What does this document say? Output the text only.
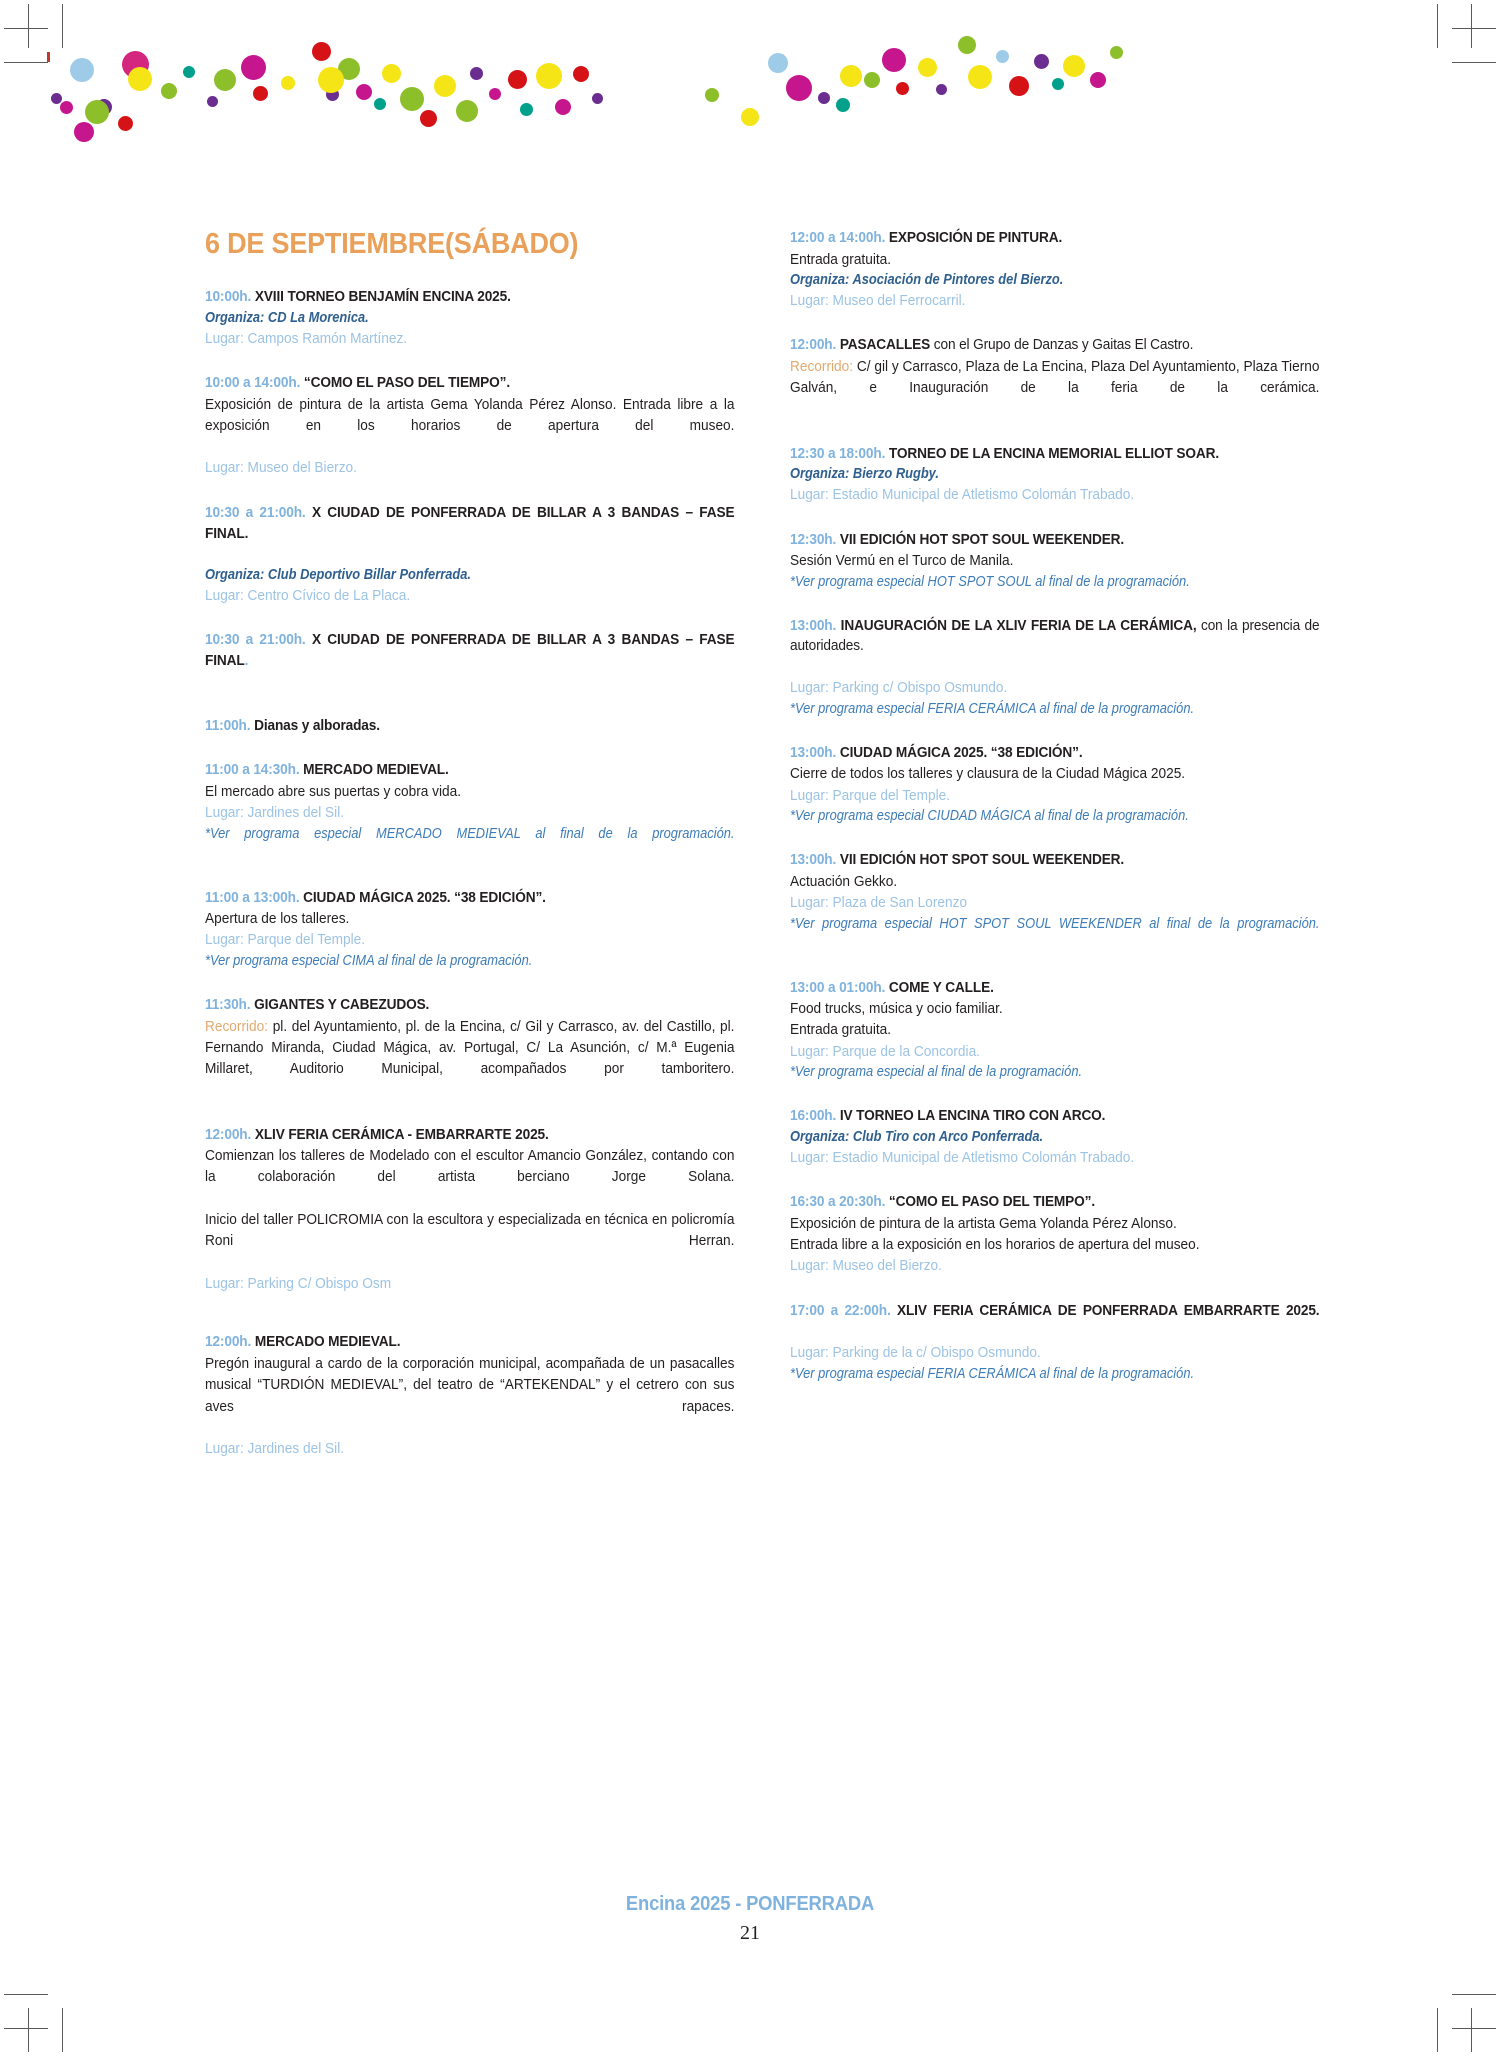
6 DE SEPTIEMBRE(SÁBADO)
10:00h. XVIII TORNEO BENJAMÍN ENCINA 2025.
Organiza: CD La Morenica.
Lugar: Campos Ramón Martínez.
10:00 a 14:00h. “COMO EL PASO DEL TIEMPO”.
Exposición de pintura de la artista Gema Yolanda Pérez Alonso. Entrada libre a la exposición en los horarios de apertura del museo.
Lugar: Museo del Bierzo.
10:30 a 21:00h. X CIUDAD DE PONFERRADA DE BILLAR A 3 BANDAS – FASE FINAL.
Organiza: Club Deportivo Billar Ponferrada.
Lugar: Centro Cívico de La Placa.
10:30 a 21:00h. X CIUDAD DE PONFERRADA DE BILLAR A 3 BANDAS – FASE FINAL.
11:00h. Dianas y alboradas.
11:00 a 14:30h. MERCADO MEDIEVAL.
El mercado abre sus puertas y cobra vida.
Lugar: Jardines del Sil.
*Ver programa especial MERCADO MEDIEVAL al final de la programación.
11:00 a 13:00h. CIUDAD MÁGICA 2025. “38 EDICIÓN”.
Apertura de los talleres.
Lugar: Parque del Temple.
*Ver programa especial CIMA al final de la programación.
11:30h. GIGANTES Y CABEZUDOS.
Recorrido: pl. del Ayuntamiento, pl. de la Encina, c/ Gil y Carrasco, av. del Castillo, pl. Fernando Miranda, Ciudad Mágica, av. Portugal, C/ La Asunción, c/ M.ª Eugenia Millaret, Auditorio Municipal, acompañados por tamboritero.
12:00h. XLIV FERIA CERÁMICA - EMBARRARTE 2025.
Comienzan los talleres de Modelado con el escultor Amancio González, contando con la colaboración del artista berciano Jorge Solana.
Inicio del taller POLICROMIA con la escultora y especializada en técnica en policromía Roni Herran.
Lugar: Parking C/ Obispo Osm
12:00h. MERCADO MEDIEVAL.
Pregón inaugural a cardo de la corporación municipal, acompañada de un pasacalles musical “TURDIÓN MEDIEVAL”, del teatro de “ARTEKENDAL” y el cetrero con sus aves rapaces.
Lugar: Jardines del Sil.
12:00 a 14:00h. EXPOSICIÓN DE PINTURA.
Entrada gratuita.
Organiza: Asociación de Pintores del Bierzo.
Lugar: Museo del Ferrocarril.
12:00h. PASACALLES con el Grupo de Danzas y Gaitas El Castro.
Recorrido: C/ gil y Carrasco, Plaza de La Encina, Plaza Del Ayuntamiento, Plaza Tierno Galván, e Inauguración de la feria de la cerámica.
12:30 a 18:00h. TORNEO DE LA ENCINA MEMORIAL ELLIOT SOAR.
Organiza: Bierzo Rugby.
Lugar: Estadio Municipal de Atletismo Colomán Trabado.
12:30h. VII EDICIÓN HOT SPOT SOUL WEEKENDER.
Sesión Vermú en el Turco de Manila.
*Ver programa especial HOT SPOT SOUL al final de la programación.
13:00h. INAUGURACIÓN DE LA XLIV FERIA DE LA CERÁMICA, con la presencia de autoridades.
Lugar: Parking c/ Obispo Osmundo.
*Ver programa especial FERIA CERÁMICA al final de la programación.
13:00h. CIUDAD MÁGICA 2025. “38 EDICIÓN”.
Cierre de todos los talleres y clausura de la Ciudad Mágica 2025.
Lugar: Parque del Temple.
*Ver programa especial CIUDAD MÁGICA al final de la programación.
13:00h. VII EDICIÓN HOT SPOT SOUL WEEKENDER.
Actuación Gekko.
Lugar: Plaza de San Lorenzo
*Ver programa especial HOT SPOT SOUL WEEKENDER al final de la programación.
13:00 a 01:00h. COME Y CALLE.
Food trucks, música y ocio familiar.
Entrada gratuita.
Lugar: Parque de la Concordia.
*Ver programa especial al final de la programación.
16:00h. IV TORNEO LA ENCINA TIRO CON ARCO.
Organiza: Club Tiro con Arco Ponferrada.
Lugar: Estadio Municipal de Atletismo Colomán Trabado.
16:30 a 20:30h. “COMO EL PASO DEL TIEMPO”.
Exposición de pintura de la artista Gema Yolanda Pérez Alonso.
Entrada libre a la exposición en los horarios de apertura del museo.
Lugar: Museo del Bierzo.
17:00 a 22:00h. XLIV FERIA CERÁMICA DE PONFERRADA EMBARRARTE 2025.
Lugar: Parking de la c/ Obispo Osmundo.
*Ver programa especial FERIA CERÁMICA al final de la programación.
Encina 2025 - PONFERRADA
21
